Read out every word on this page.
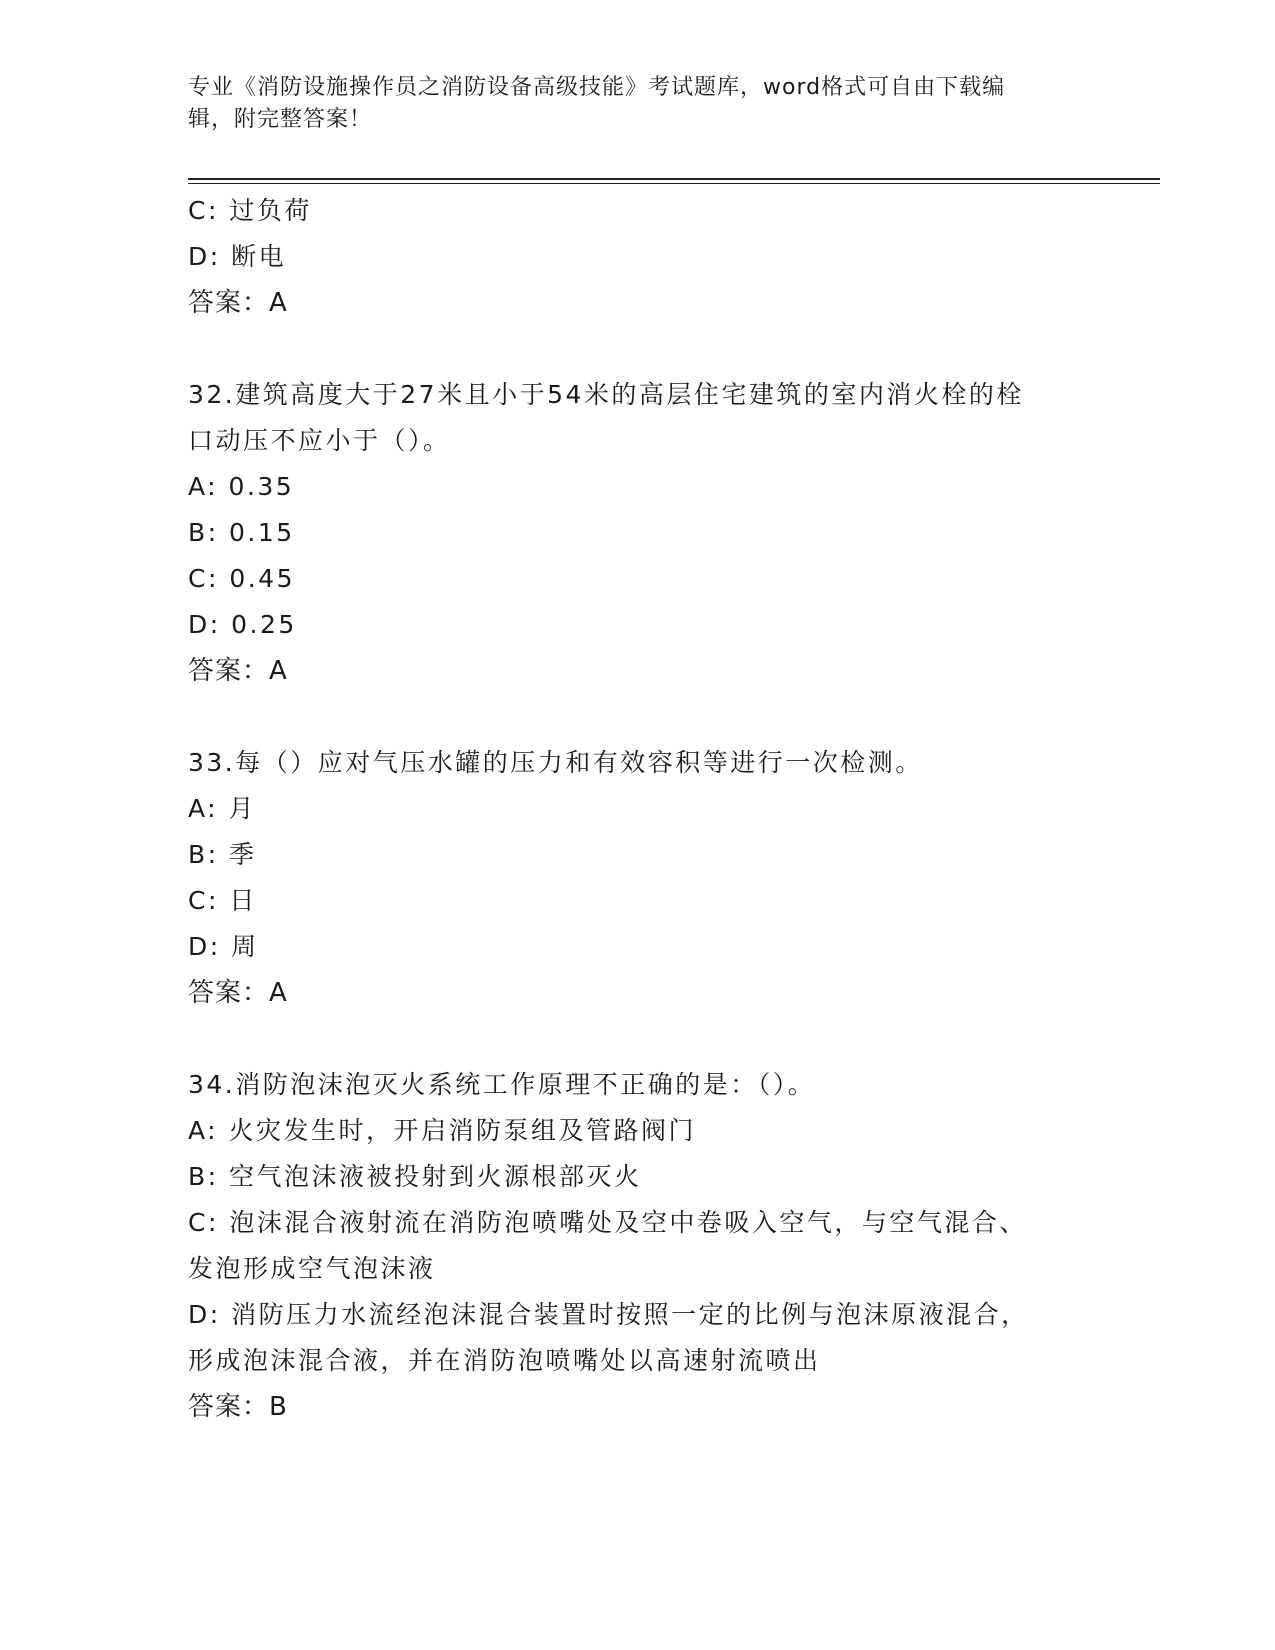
专业《消防设施操作员之消防设备高级技能》考试题库，word格式可自由下载编
辑，附完整答案！
C: 过负荷
D: 断电
答案：A
32.建筑高度大于27米且小于54米的高层住宅建筑的室内消火栓的栓
口动压不应小于（）。
A: 0.35
B: 0.15
C: 0.45
D: 0.25
答案：A
33.每（）应对气压水罐的压力和有效容积等进行一次检测。
A: 月
B: 季
C: 日
D: 周
答案：A
34.消防泡沫泡灭火系统工作原理不正确的是：（）。
A: 火灾发生时，开启消防泵组及管路阀门
B: 空气泡沫液被投射到火源根部灭火
C: 泡沫混合液射流在消防泡喷嘴处及空中卷吸入空气，与空气混合、
发泡形成空气泡沫液
D: 消防压力水流经泡沫混合装置时按照一定的比例与泡沫原液混合，
形成泡沫混合液，并在消防泡喷嘴处以高速射流喷出
答案：B
